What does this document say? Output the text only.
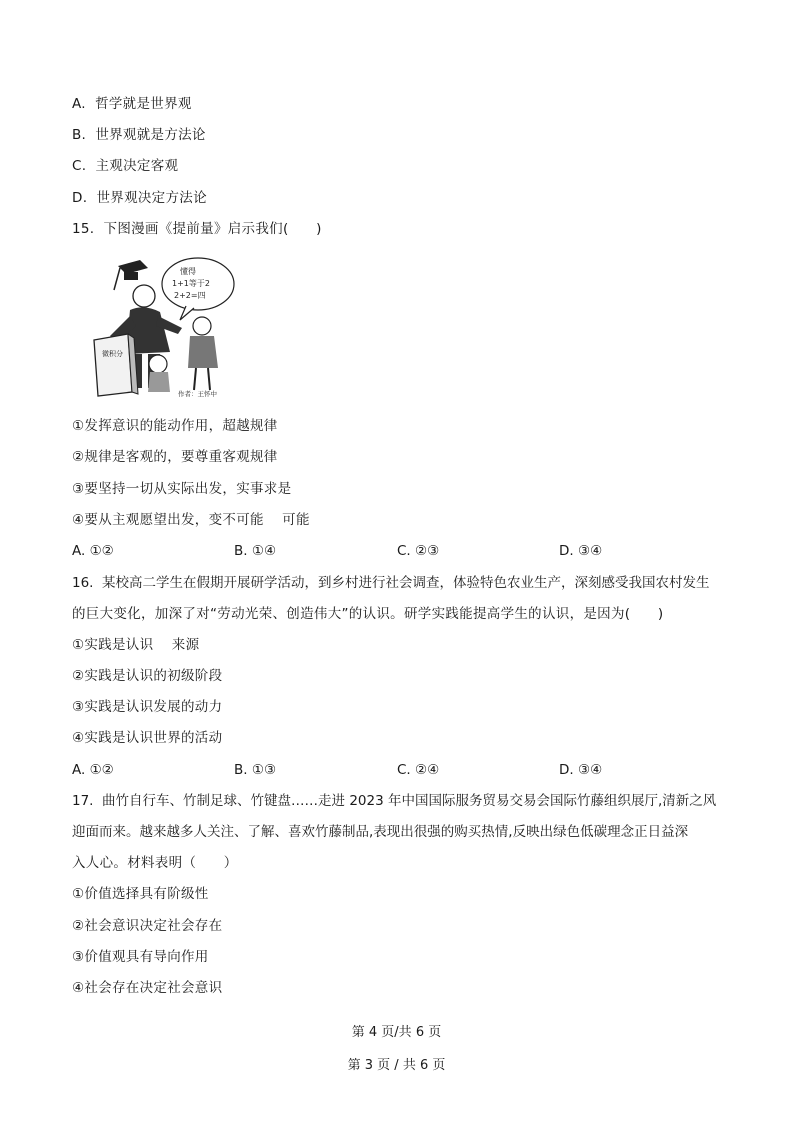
A.  哲学就是世界观
B.  世界观就是方法论
C.  主观决定客观
D.  世界观决定方法论
15.  下图漫画《提前量》启示我们(      )
懂得
1+1等于2
2+2=四
微积分
作者：王怀中
①发挥意识的能动作用，超越规律
②规律是客观的，要尊重客观规律
③要坚持一切从实际出发，实事求是
④要从主观愿望出发，变不可能    可能
A. ①②	B. ①④	C. ②③	D. ③④
16.  某校高二学生在假期开展研学活动，到乡村进行社会调查，体验特色农业生产，深刻感受我国农村发生
的巨大变化，加深了对“劳动光荣、创造伟大”的认识。研学实践能提高学生的认识，是因为(      )
①实践是认识    来源
②实践是认识的初级阶段
③实践是认识发展的动力
④实践是认识世界的活动
A. ①②	B. ①③	C. ②④	D. ③④
17.  曲竹自行车、竹制足球、竹键盘……走进 2023 年中国国际服务贸易交易会国际竹藤组织展厅,清新之风
迎面而来。越来越多人关注、了解、喜欢竹藤制品,表现出很强的购买热情,反映出绿色低碳理念正日益深
入人心。材料表明（      ）
①价值选择具有阶级性
②社会意识决定社会存在
③价值观具有导向作用
④社会存在决定社会意识
第 4 页/共 6 页
第 3 页 / 共 6 页
